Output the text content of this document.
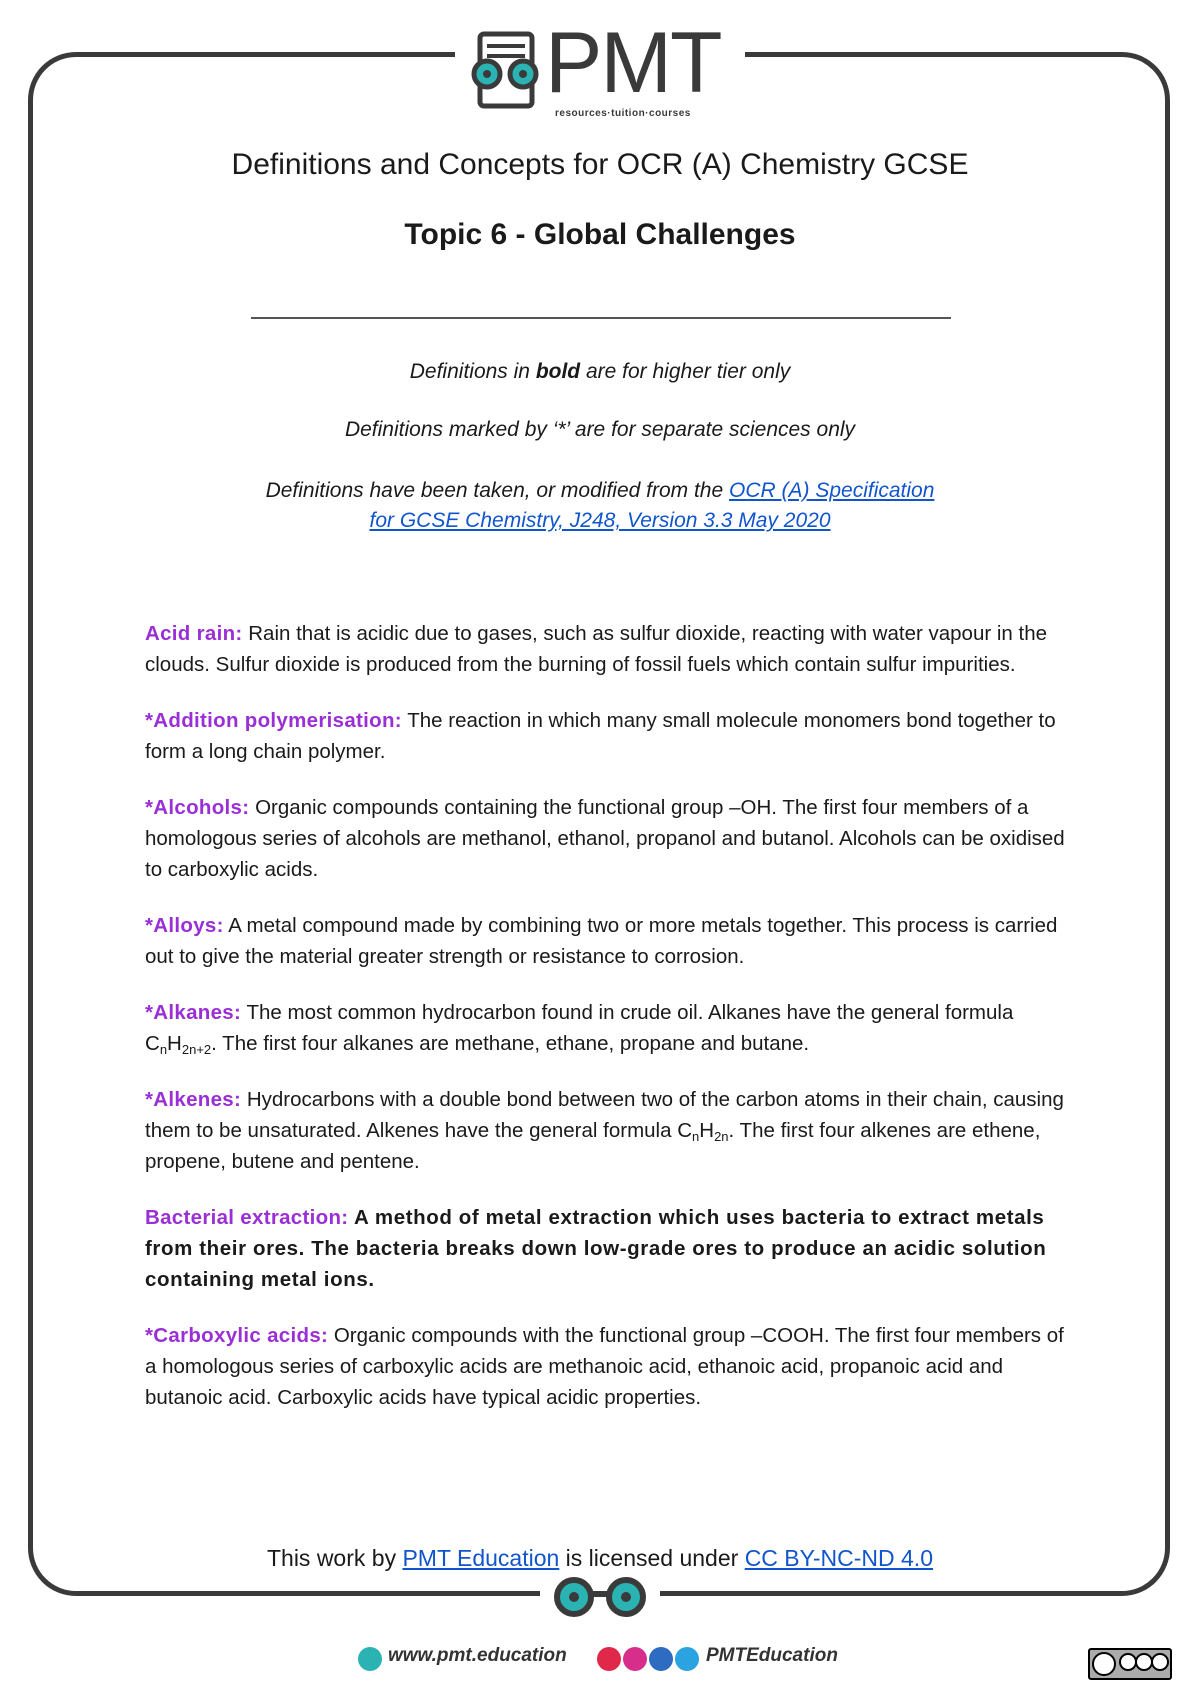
PMT
resources·tuition·courses
Definitions and Concepts for OCR (A) Chemistry GCSE
Topic 6 - Global Challenges
Definitions in bold are for higher tier only
Definitions marked by ‘*’ are for separate sciences only
Definitions have been taken, or modified from the OCR (A) Specification
for GCSE Chemistry, J248, Version 3.3 May 2020

Acid rain: Rain that is acidic due to gases, such as sulfur dioxide, reacting with water vapour in the clouds. Sulfur dioxide is produced from the burning of fossil fuels which contain sulfur impurities.

*Addition polymerisation: The reaction in which many small molecule monomers bond together to form a long chain polymer.

*Alcohols: Organic compounds containing the functional group –OH. The first four members of a homologous series of alcohols are methanol, ethanol, propanol and butanol. Alcohols can be oxidised to carboxylic acids.

*Alloys: A metal compound made by combining two or more metals together. This process is carried out to give the material greater strength or resistance to corrosion.

*Alkanes: The most common hydrocarbon found in crude oil. Alkanes have the general formula $C_nH_{2n+2}$. The first four alkanes are methane, ethane, propane and butane.

*Alkenes: Hydrocarbons with a double bond between two of the carbon atoms in their chain, causing them to be unsaturated. Alkenes have the general formula $C_nH_{2n}$. The first four alkenes are ethene, propene, butene and pentene.

Bacterial extraction: A method of metal extraction which uses bacteria to extract metals from their ores. The bacteria breaks down low-grade ores to produce an acidic solution containing metal ions.

*Carboxylic acids: Organic compounds with the functional group –COOH. The first four members of a homologous series of carboxylic acids are methanoic acid, ethanoic acid, propanoic acid and butanoic acid. Carboxylic acids have typical acidic properties.

This work by PMT Education is licensed under CC BY-NC-ND 4.0
www.pmt.education	PMTEducation
